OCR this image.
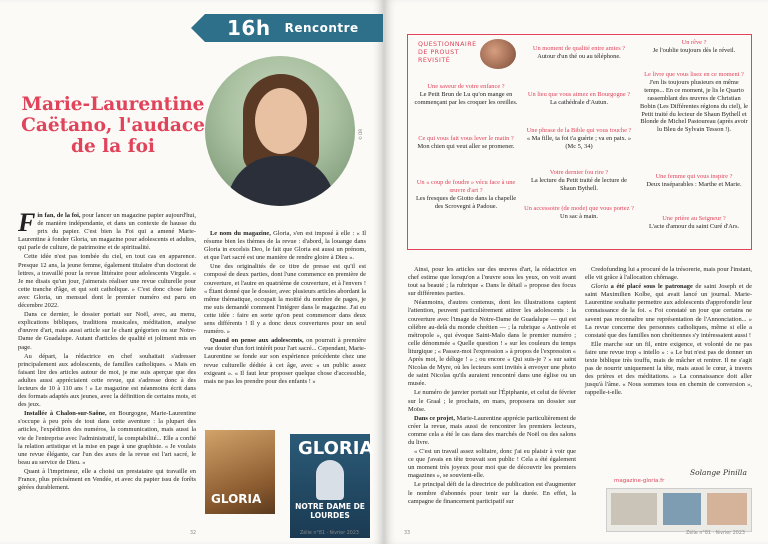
16h Rencontre
© DR
Marie-Laurentine Caëtano, l'audace de la foi

Fin fan, de la foi, pour lancer un magazine papier aujourd'hui, de manière indépendante, et dans un contexte de hausse du prix du papier. C'est bien la Foi qui a amené Marie-Laurentine à fonder Gloria, un magazine pour adolescents et adultes, qui parle de culture, de patrimoine et de spiritualité.

Cette idée n'est pas tombée du ciel, en tout cas en apparence. Presque 12 ans, la jeune femme, également titulaire d'un doctorat de lettres, a travaillé pour la revue littéraire pour adolescents Virgule. « Je me disais qu'un jour, j'aimerais réaliser une revue culturelle pour cette tranche d'âge, et qui soit catholique. » C'est donc chose faite avec Gloria, un mensuel dont le premier numéro est paru en décembre 2022.

Dans ce dernier, le dossier portait sur Noël, avec, au menu, explications bibliques, traditions musicales, méditation, analyse d'œuvre d'art, mais aussi article sur le chant grégorien ou sur Notre-Dame de Guadalupe. Autant d'articles de qualité et joliment mis en page.

Au départ, la rédactrice en chef souhaitait s'adresser principalement aux adolescents, de familles catholiques. « Mais en faisant lire des articles autour de moi, je me suis aperçue que des adultes aussi appréciaient cette revue, qui s'adresse donc à des lecteurs de 10 à 110 ans ! » Le magazine est néanmoins écrit dans des formats adaptés aux jeunes, avec la définition de certains mots, et des jeux.

Installée à Chalon-sur-Saône, en Bourgogne, Marie-Laurentine s'occupe à peu près de tout dans cette aventure : la plupart des articles, l'expédition des numéros, la communication, mais aussi la vie de l'entreprise avec l'administratif, la comptabilité... Elle a confié la relation artistique et la mise en page à une graphiste. « Je voulais une revue élégante, car l'un des axes de la revue est l'art sacré, le beau au service de Dieu. »

Quant à l'imprimeur, elle a choisi un prestataire qui travaille en France, plus précisément en Vendée, et avec du papier issu de forêts gérées durablement.

Le nom du magazine, Gloria, s'en est imposé à elle : « Il résume bien les thèmes de la revue : d'abord, la louange dans Gloria in excelsis Deo, le fait que Gloria est aussi un prénom, et que l'art sacré est une manière de rendre gloire à Dieu ».

Une des originalités de ce titre de presse est qu'il est composé de deux parties, dont l'une commence en première de couverture, et l'autre en quatrième de couverture, et à l'envers ! « Étant donné que le dossier, avec plusieurs articles abordant la même thématique, occupait la moitié du nombre de pages, je me suis demandé comment l'intégrer dans le magazine. J'ai eu cette idée : faire en sorte qu'on peut commencer dans deux sens différents ! Il y a donc deux couvertures pour un seul numéro. »

Quand on pense aux adolescents, on pourrait à première vue douter d'un fort intérêt pour l'art sacré... Cependant, Marie-Laurentine se fonde sur son expérience précédente chez une revue culturelle dédiée à cet âge, avec « un public assez exigeant ». « Il faut leur proposer quelque chose d'accessible, mais ne pas les prendre pour des enfants ! »

GLORIA
GLORIA
NOTRE DAME DE LOURDES
32	Zélie n°81 · février 2023
QUESTIONNAIRE DE PROUST REVISITÉ
Une saveur de votre enfance ?
Le Petit Brun de Lu qu'on mange en commençant par les croquer les oreilles.
Ce qui vous fait vous lever le matin ?
Mon chien qui veut aller se promener.
Un « coup de foudre » vécu face à une œuvre d'art ?
Les fresques de Giotto dans la chapelle des Scrovegni à Padoue.
Un moment de qualité entre amies ?
Autour d'un thé ou au téléphone.
Un lieu que vous aimez en Bourgogne ?
La cathédrale d'Autun.
Une phrase de la Bible qui vous touche ?
« Ma fille, ta foi t'a guérie ; va en paix. » (Mc 5, 34)
Votre dernier fou rire ?
La lecture du Petit traité de lecture de Shaun Bythell.
Un accessoire (de mode) que vous portez ?
Un sac à main.
Un rêve ?
Je l'oublie toujours dès le réveil.
Le livre que vous lisez en ce moment ?
J'en lis toujours plusieurs en même temps... En ce moment, je lis le Quarto rassemblant des œuvres de Christian Bobin (Les Différentes régions du ciel), le Petit traité du lecteur de Shaun Bythell et Blonde de Michel Pastoureau (après avoir lu Bleu de Sylvain Tesson !).
Une femme qui vous inspire ?
Deux inséparables : Marthe et Marie.
Une prière au Seigneur ?
L'acte d'amour du saint Curé d'Ars.

Ainsi, pour les articles sur des œuvres d'art, la rédactrice en chef estime que lorsqu'on a l'œuvre sous les yeux, on voit avant tout sa beauté ; la rubrique « Dans le détail » propose des focus sur différentes parties.

Néanmoins, d'autres contenus, dont les illustrations captent l'attention, peuvent particulièrement attirer les adolescents : la couverture avec l'image de Notre-Dame de Guadalupe — qui est célèbre au-delà du monde chrétien — ; la rubrique « Antivole et métropole », qui évoque Saint-Malo dans le premier numéro ; celle dénommée « Quelle question ! » sur les couleurs du temps liturgique ; « Passez-moi l'expression » à propos de l'expression « Après moi, le déluge ! » ; ou encore « Qui suis-je ? » sur saint Nicolas de Myre, où les lecteurs sont invités à envoyer une photo de saint Nicolas qu'ils auraient rencontré dans une église ou un musée.

Le numéro de janvier portait sur l'Épiphanie, et celui de février sur le Graal ; le prochain, en mars, proposera un dossier sur Moïse.

Dans ce projet, Marie-Laurentine apprécie particulièrement de créer la revue, mais aussi de rencontrer les premiers lecteurs, comme cela a été le cas dans des marchés de Noël ou des salons du livre.

« C'est un travail assez solitaire, donc j'ai eu plaisir à voir que ce que j'avais en tête trouvait son public ! Cela a été également un moment très joyeux pour moi que de découvrir les premiers magazines », se souvient-elle.

Le principal défi de la directrice de publication est d'augmenter le nombre d'abonnés pour tenir sur la durée. En effet, la campagne de financement participatif sur

Credofunding lui a procuré de la trésorerie, mais pour l'instant, elle vit grâce à l'allocation chômage.

Gloria a été placé sous le patronage de saint Joseph et de saint Maximilien Kolbe, qui avait lancé un journal. Marie-Laurentine souhaite permettre aux adolescents d'approfondir leur connaissance de la foi. « Foi constaté un jour que certains ne savent pas reconnaître une représentation de l'Annonciation... » La revue concerne des personnes catholiques, même si elle a constaté que des familles non chrétiennes s'y intéressaient aussi !

Elle marche sur un fil, entre exigence, et volonté de ne pas faire une revue trop « intello » : « Le but n'est pas de donner un texte biblique très touffu, mais de mâcher et rentrer. Il ne s'agit pas de nourrir uniquement la tête, mais aussi le cœur, à travers des prières et des méditations. » La connaissance doit aller jusqu'à l'âme. « Nous sommes tous en chemin de conversion », rappelle-t-elle.

Solange Pinilla
magazine-gloria.fr
33	Zélie n°81 · février 2023
